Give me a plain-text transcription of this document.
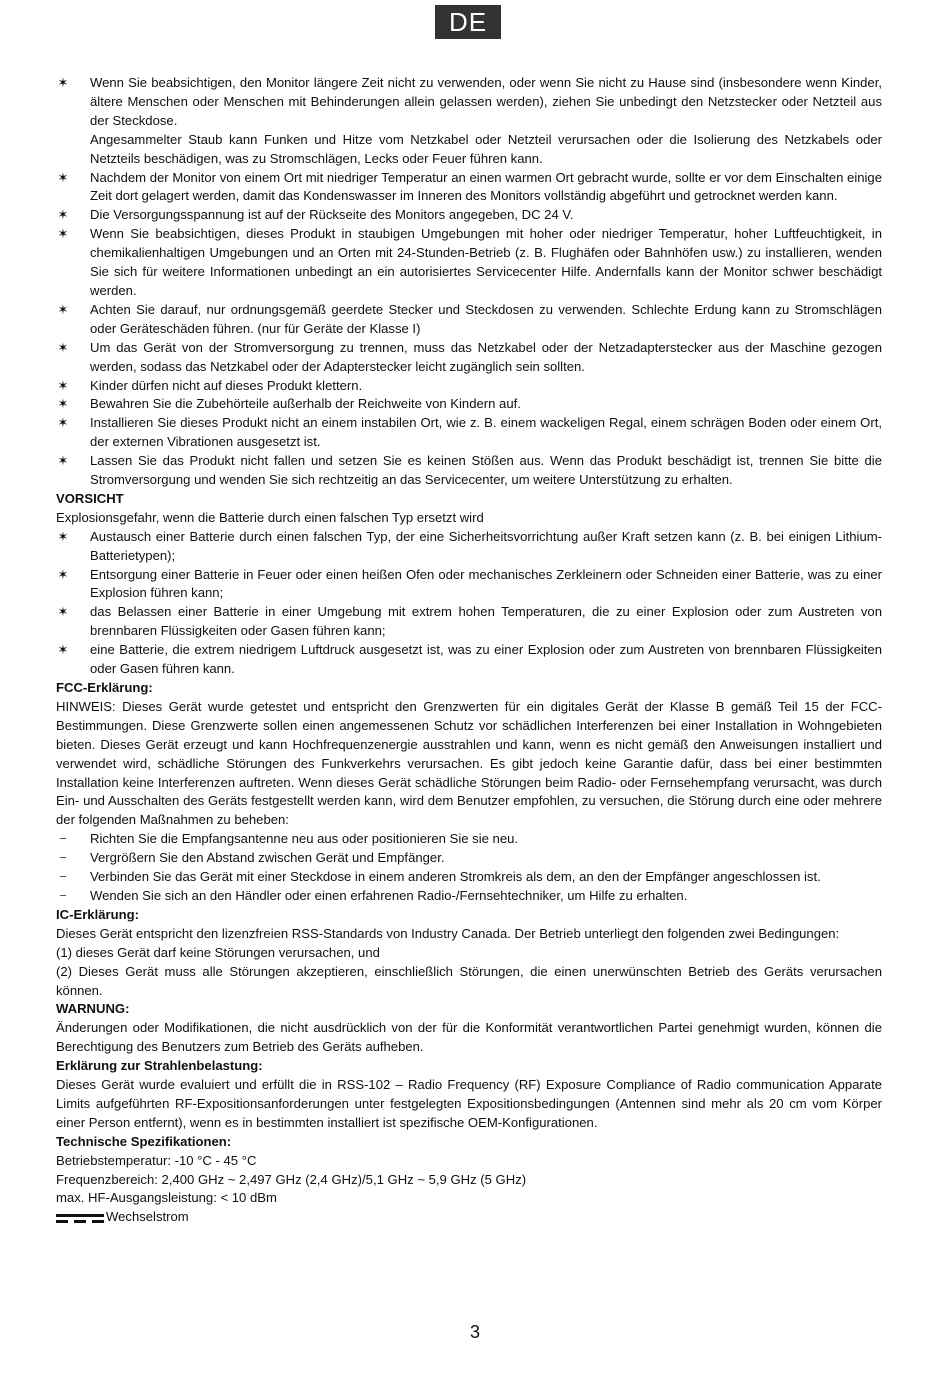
DE
✶ Wenn Sie beabsichtigen, den Monitor längere Zeit nicht zu verwenden, oder wenn Sie nicht zu Hause sind (insbesondere wenn Kinder, ältere Menschen oder Menschen mit Behinderungen allein gelassen werden), ziehen Sie unbedingt den Netzstecker oder Netzteil aus der Steckdose.
Angesammelter Staub kann Funken und Hitze vom Netzkabel oder Netzteil verursachen oder die Isolierung des Netzkabels oder Netzteils beschädigen, was zu Stromschlägen, Lecks oder Feuer führen kann.
✶ Nachdem der Monitor von einem Ort mit niedriger Temperatur an einen warmen Ort gebracht wurde, sollte er vor dem Einschalten einige Zeit dort gelagert werden, damit das Kondenswasser im Inneren des Monitors vollständig abgeführt und getrocknet werden kann.
✶ Die Versorgungsspannung ist auf der Rückseite des Monitors angegeben, DC 24 V.
✶ Wenn Sie beabsichtigen, dieses Produkt in staubigen Umgebungen mit hoher oder niedriger Temperatur, hoher Luftfeuchtigkeit, in chemikalienhaltigen Umgebungen und an Orten mit 24-Stunden-Betrieb (z. B. Flughäfen oder Bahnhöfen usw.) zu installieren, wenden Sie sich für weitere Informationen unbedingt an ein autorisiertes Servicecenter Hilfe. Andernfalls kann der Monitor schwer beschädigt werden.
✶ Achten Sie darauf, nur ordnungsgemäß geerdete Stecker und Steckdosen zu verwenden. Schlechte Erdung kann zu Stromschlägen oder Geräteschäden führen. (nur für Geräte der Klasse I)
✶ Um das Gerät von der Stromversorgung zu trennen, muss das Netzkabel oder der Netzadapterstecker aus der Maschine gezogen werden, sodass das Netzkabel oder der Adapterstecker leicht zugänglich sein sollten.
✶ Kinder dürfen nicht auf dieses Produkt klettern.
✶ Bewahren Sie die Zubehörteile außerhalb der Reichweite von Kindern auf.
✶ Installieren Sie dieses Produkt nicht an einem instabilen Ort, wie z. B. einem wackeligen Regal, einem schrägen Boden oder einem Ort, der externen Vibrationen ausgesetzt ist.
✶ Lassen Sie das Produkt nicht fallen und setzen Sie es keinen Stößen aus. Wenn das Produkt beschädigt ist, trennen Sie bitte die Stromversorgung und wenden Sie sich rechtzeitig an das Servicecenter, um weitere Unterstützung zu erhalten.
VORSICHT
Explosionsgefahr, wenn die Batterie durch einen falschen Typ ersetzt wird
✶ Austausch einer Batterie durch einen falschen Typ, der eine Sicherheitsvorrichtung außer Kraft setzen kann (z. B. bei einigen Lithium-Batterietypen);
✶ Entsorgung einer Batterie in Feuer oder einen heißen Ofen oder mechanisches Zerkleinern oder Schneiden einer Batterie, was zu einer Explosion führen kann;
✶ das Belassen einer Batterie in einer Umgebung mit extrem hohen Temperaturen, die zu einer Explosion oder zum Austreten von brennbaren Flüssigkeiten oder Gasen führen kann;
✶ eine Batterie, die extrem niedrigem Luftdruck ausgesetzt ist, was zu einer Explosion oder zum Austreten von brennbaren Flüssigkeiten oder Gasen führen kann.
FCC-Erklärung:
HINWEIS: Dieses Gerät wurde getestet und entspricht den Grenzwerten für ein digitales Gerät der Klasse B gemäß Teil 15 der FCC-Bestimmungen. Diese Grenzwerte sollen einen angemessenen Schutz vor schädlichen Interferenzen bei einer Installation in Wohngebieten bieten. Dieses Gerät erzeugt und kann Hochfrequenzenergie ausstrahlen und kann, wenn es nicht gemäß den Anweisungen installiert und verwendet wird, schädliche Störungen des Funkverkehrs verursachen. Es gibt jedoch keine Garantie dafür, dass bei einer bestimmten Installation keine Interferenzen auftreten. Wenn dieses Gerät schädliche Störungen beim Radio- oder Fernsehempfang verursacht, was durch Ein- und Ausschalten des Geräts festgestellt werden kann, wird dem Benutzer empfohlen, zu versuchen, die Störung durch eine oder mehrere der folgenden Maßnahmen zu beheben:
− Richten Sie die Empfangsantenne neu aus oder positionieren Sie sie neu.
− Vergrößern Sie den Abstand zwischen Gerät und Empfänger.
− Verbinden Sie das Gerät mit einer Steckdose in einem anderen Stromkreis als dem, an den der Empfänger angeschlossen ist.
− Wenden Sie sich an den Händler oder einen erfahrenen Radio-/Fernsehtechniker, um Hilfe zu erhalten.
IC-Erklärung:
Dieses Gerät entspricht den lizenzfreien RSS-Standards von Industry Canada. Der Betrieb unterliegt den folgenden zwei Bedingungen:
(1) dieses Gerät darf keine Störungen verursachen, und
(2) Dieses Gerät muss alle Störungen akzeptieren, einschließlich Störungen, die einen unerwünschten Betrieb des Geräts verursachen können.
WARNUNG:
Änderungen oder Modifikationen, die nicht ausdrücklich von der für die Konformität verantwortlichen Partei genehmigt wurden, können die Berechtigung des Benutzers zum Betrieb des Geräts aufheben.
Erklärung zur Strahlenbelastung:
Dieses Gerät wurde evaluiert und erfüllt die in RSS-102 – Radio Frequency (RF) Exposure Compliance of Radio communication Apparate Limits aufgeführten RF-Expositionsanforderungen unter festgelegten Expositionsbedingungen (Antennen sind mehr als 20 cm vom Körper einer Person entfernt), wenn es in bestimmten installiert ist spezifische OEM-Konfigurationen.
Technische Spezifikationen:
Betriebstemperatur: -10 °C - 45 °C
Frequenzbereich: 2,400 GHz ~ 2,497 GHz (2,4 GHz)/5,1 GHz ~ 5,9 GHz (5 GHz)
max. HF-Ausgangsleistung: < 10 dBm
Wechselstrom
3
